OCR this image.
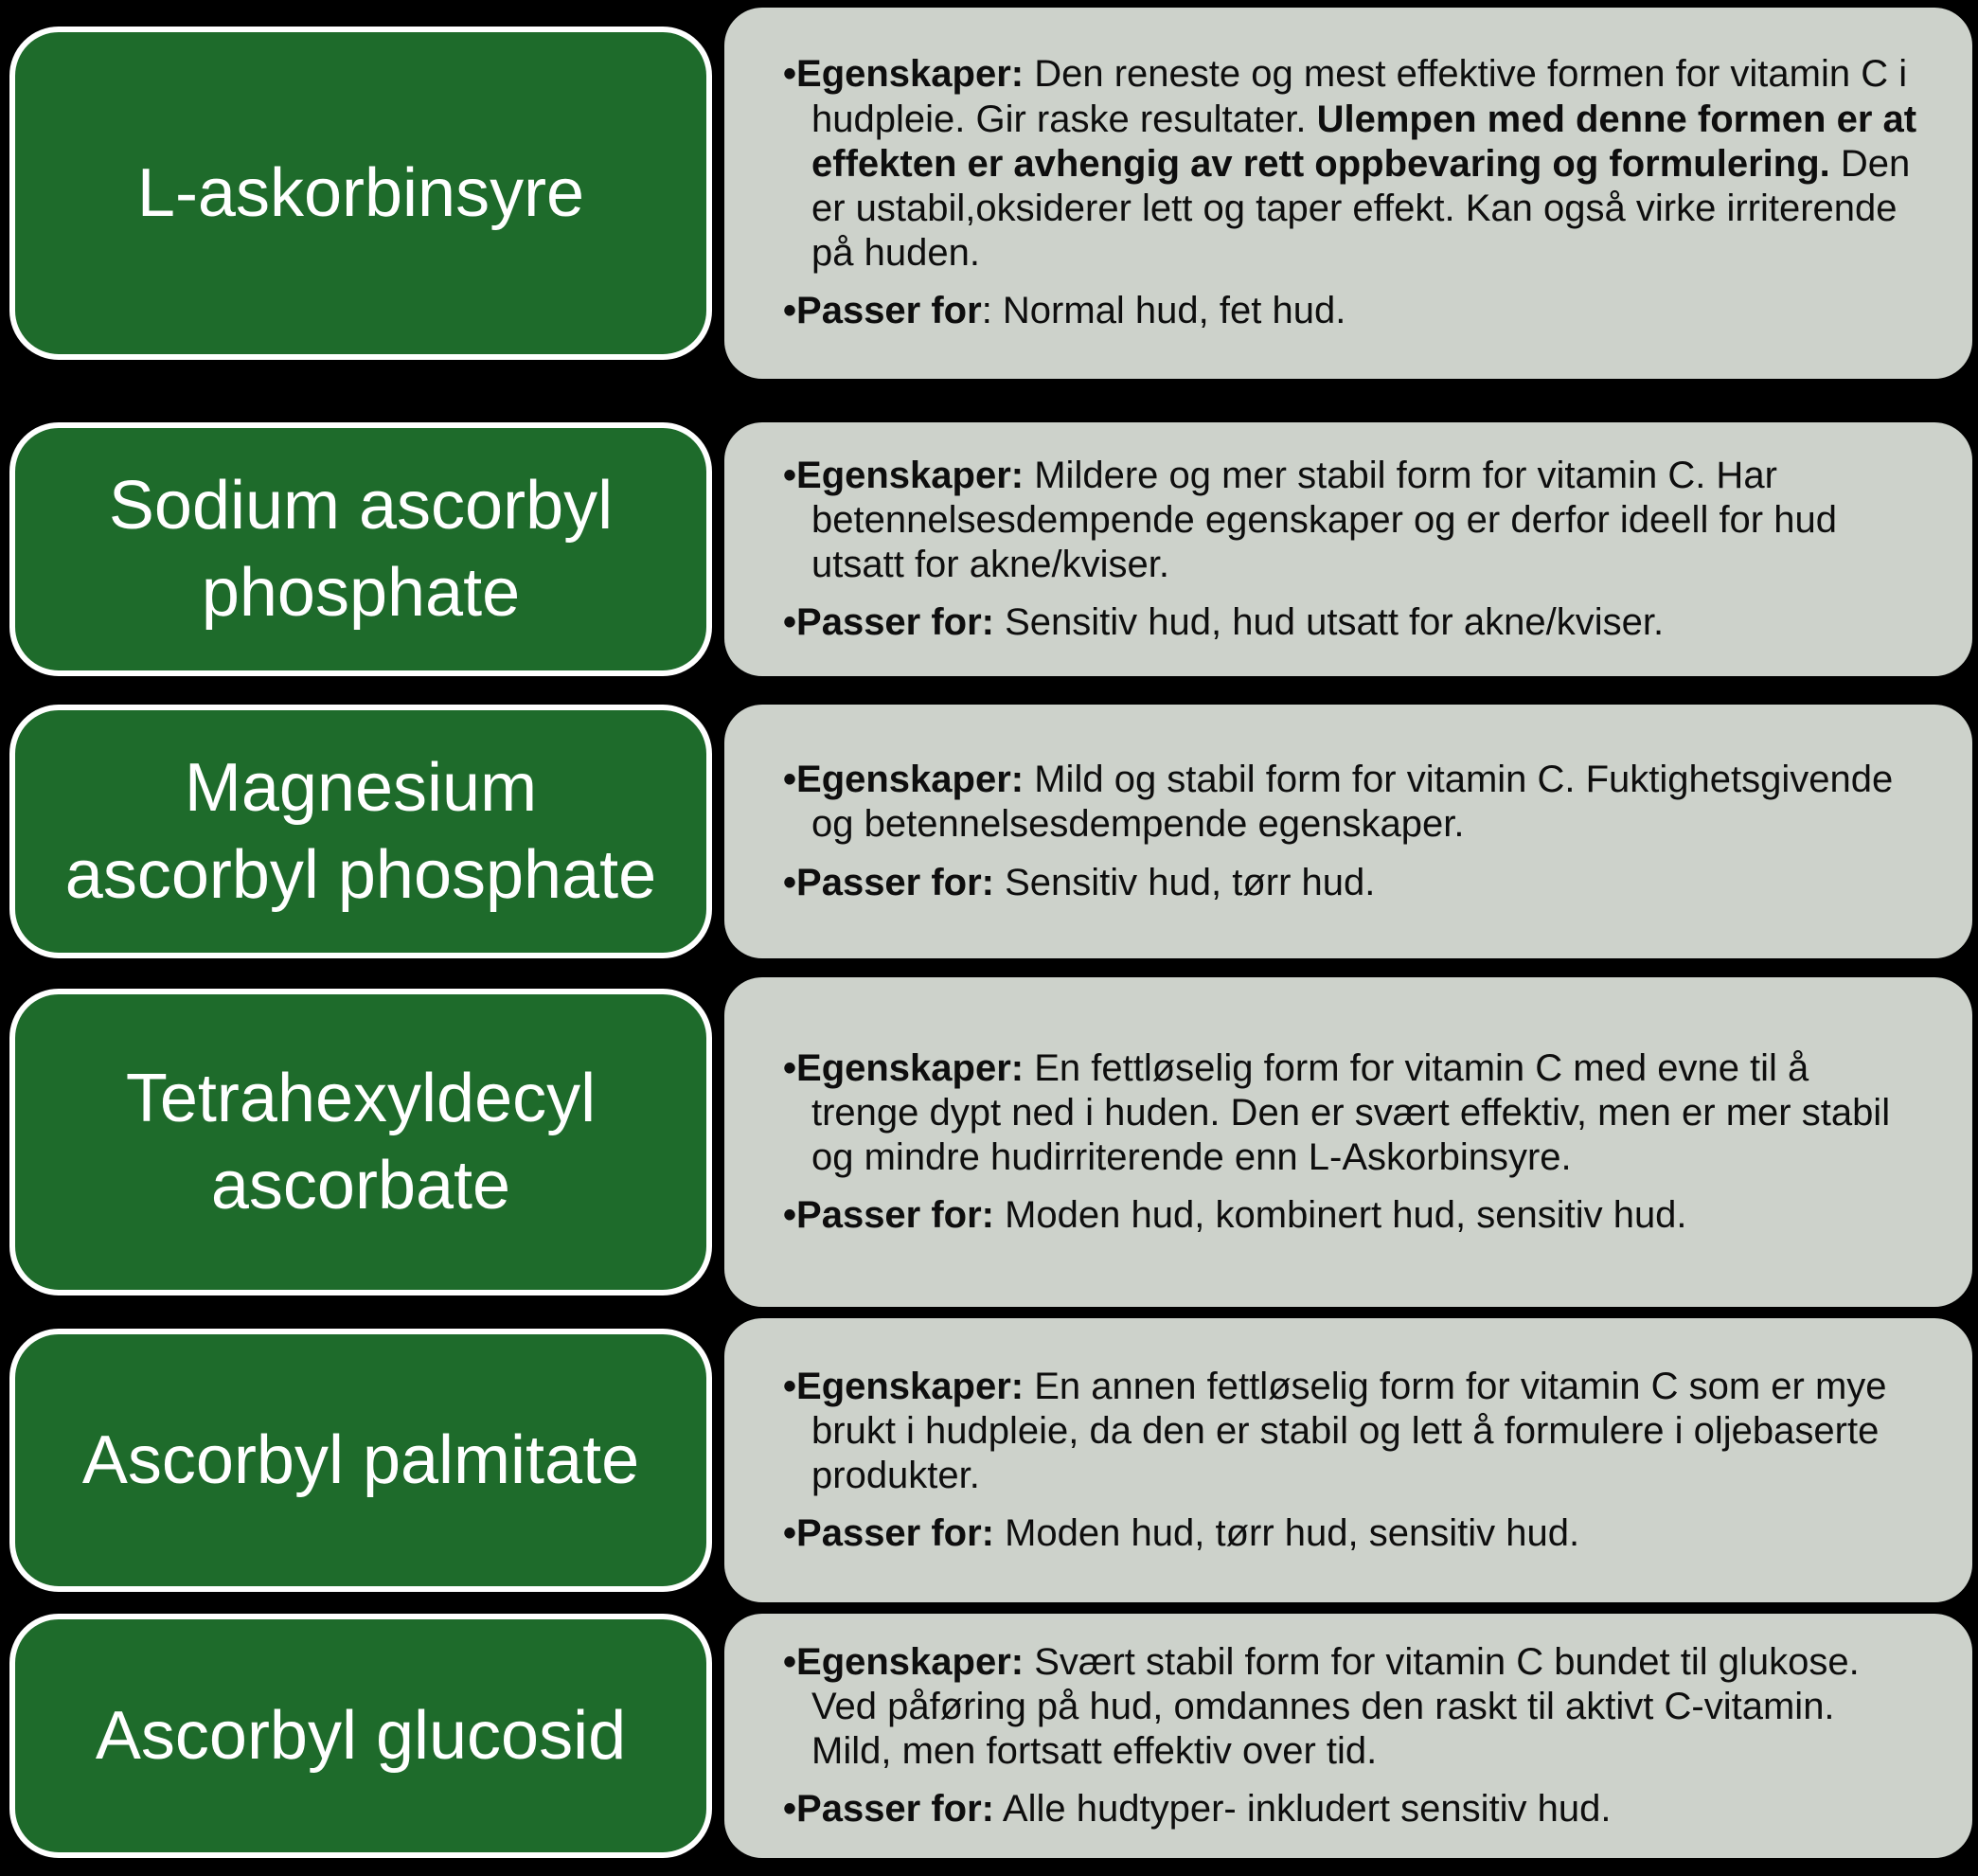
L-askorbinsyre
•Egenskaper: Den reneste og mest effektive formen for vitamin C i hudpleie. Gir raske resultater. Ulempen med denne formen er at effekten er avhengig av rett oppbevaring og formulering. Den er ustabil,oksiderer lett og taper effekt. Kan også virke irriterende på huden.
•Passer for: Normal hud, fet hud.
Sodium ascorbyl
phosphate
•Egenskaper: Mildere og mer stabil form for vitamin C. Har betennelsesdempende egenskaper og er derfor ideell for hud utsatt for akne/kviser.
•Passer for: Sensitiv hud, hud utsatt for akne/kviser.
Magnesium
ascorbyl phosphate
•Egenskaper: Mild og stabil form for vitamin C. Fuktighetsgivende og betennelsesdempende egenskaper.
•Passer for: Sensitiv hud, tørr hud.
Tetrahexyldecyl
ascorbate
•Egenskaper: En fettløselig form for vitamin C med evne til å trenge dypt ned i huden. Den er svært effektiv, men er mer stabil og mindre hudirriterende enn L-Askorbinsyre.
•Passer for: Moden hud, kombinert hud, sensitiv hud.
Ascorbyl palmitate
•Egenskaper: En annen fettløselig form for vitamin C som er mye brukt i hudpleie, da den er stabil og lett å formulere i oljebaserte produkter.
•Passer for: Moden hud, tørr hud, sensitiv hud.
Ascorbyl glucosid
•Egenskaper: Svært stabil form for vitamin C bundet til glukose. Ved påføring på hud, omdannes den raskt til aktivt C-vitamin. Mild, men fortsatt effektiv over tid.
•Passer for: Alle hudtyper- inkludert sensitiv hud.
